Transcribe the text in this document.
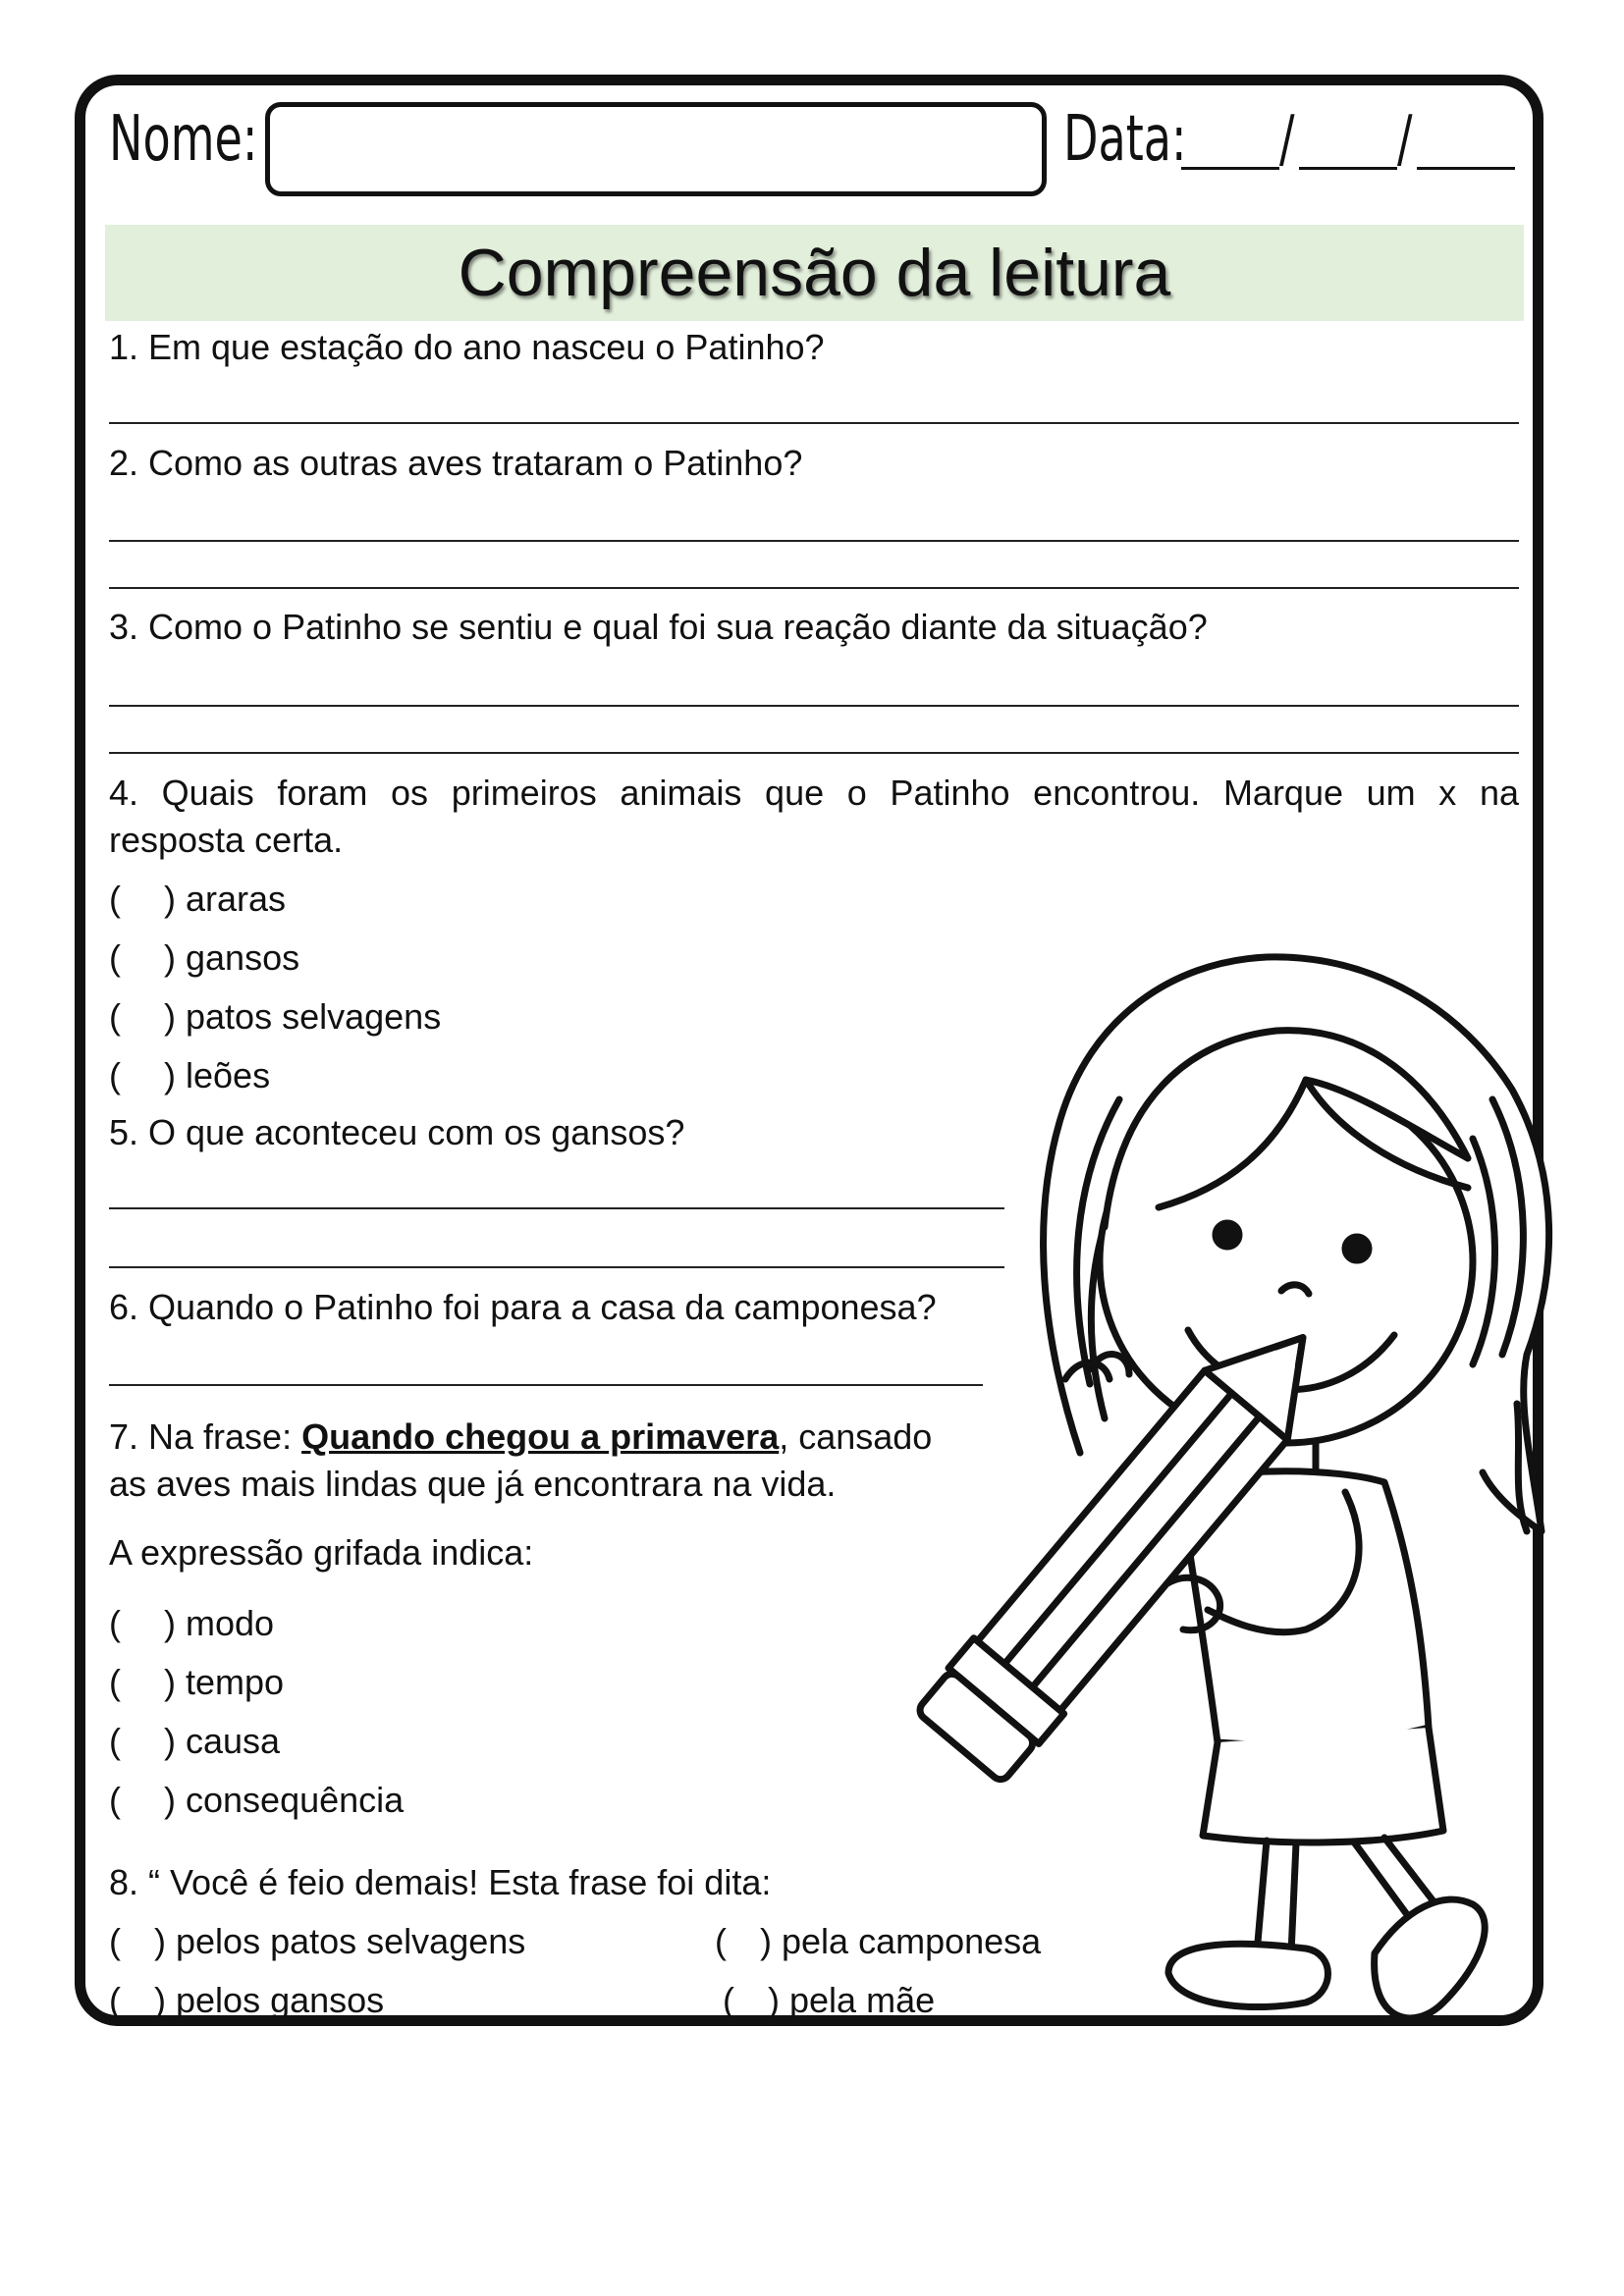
Nome:	Data: / /
Compreensão da leitura
1. Em que estação do ano nasceu o Patinho?
2. Como as outras aves trataram o Patinho?
3. Como o Patinho se sentiu e qual foi sua reação diante da situação?
4. Quais foram os primeiros animais que o Patinho encontrou. Marque um x na
resposta certa.
( ) araras
( ) gansos
( ) patos selvagens
( ) leões
5. O que aconteceu com os gansos?
6. Quando o Patinho foi para a casa da camponesa?
7. Na frase: Quando chegou a primavera, cansado
as aves mais lindas que já encontrara na vida.
A expressão grifada indica:
( ) modo
( ) tempo
( ) causa
( ) consequência
8. “ Você é feio demais! Esta frase foi dita:
( ) pelos patos selvagens	( ) pela camponesa
( ) pelos gansos	( ) pela mãe
